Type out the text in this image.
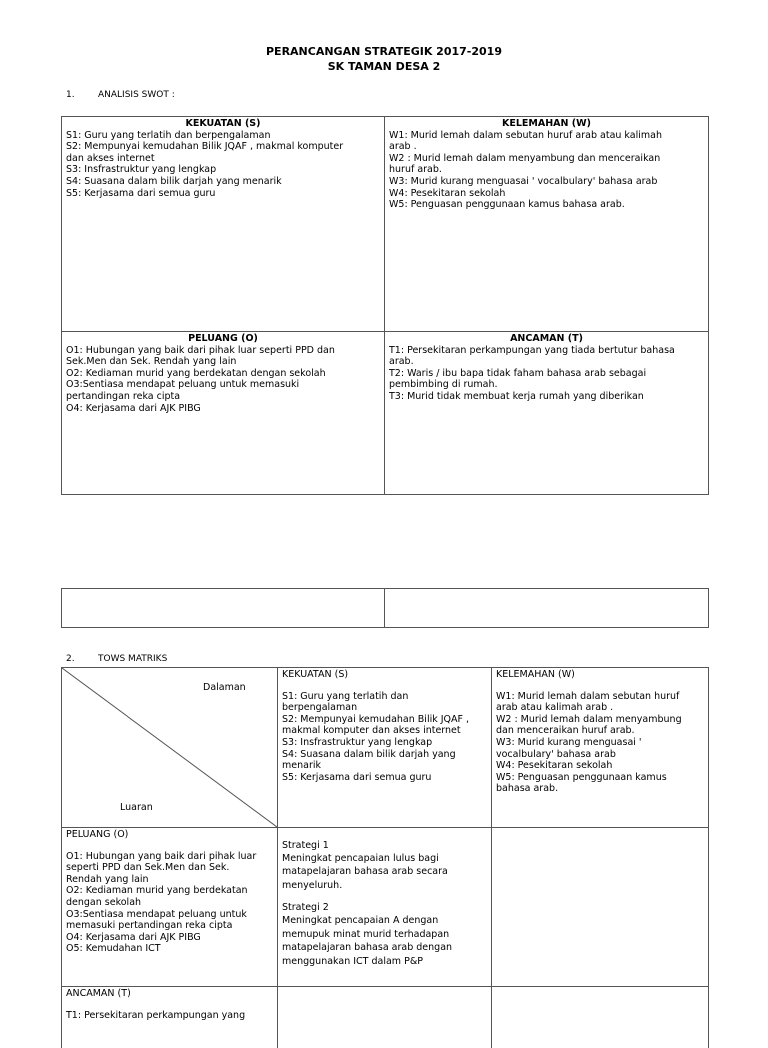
PERANCANGAN STRATEGIK 2017-2019
SK TAMAN DESA 2
1.	ANALISIS SWOT :
KEKUATAN (S)
S1: Guru yang terlatih dan berpengalaman
S2: Mempunyai kemudahan Bilik JQAF , makmal komputer
dan akses internet
S3: Insfrastruktur yang lengkap
S4: Suasana dalam bilik darjah yang menarik
S5: Kerjasama dari semua guru
KELEMAHAN (W)
W1: Murid lemah dalam sebutan huruf arab atau kalimah
arab .
W2 : Murid lemah dalam menyambung dan menceraikan
huruf arab.
W3: Murid kurang menguasai ' vocalbulary' bahasa arab
W4: Pesekitaran sekolah
W5: Penguasan penggunaan kamus bahasa arab.
PELUANG (O)
O1: Hubungan yang baik dari pihak luar seperti PPD dan
Sek.Men dan Sek. Rendah yang lain
O2: Kediaman murid yang berdekatan dengan sekolah
O3:Sentiasa mendapat peluang untuk memasuki
pertandingan reka cipta
O4: Kerjasama dari AJK PIBG
ANCAMAN (T)
T1: Persekitaran perkampungan yang tiada bertutur bahasa
arab.
T2: Waris / ibu bapa tidak faham bahasa arab sebagai
pembimbing di rumah.
T3: Murid tidak membuat kerja rumah yang diberikan
2.	TOWS MATRIKS
Dalaman
Luaran
KEKUATAN (S)
S1: Guru yang terlatih dan
berpengalaman
S2: Mempunyai kemudahan Bilik JQAF ,
makmal komputer dan akses internet
S3: Insfrastruktur yang lengkap
S4: Suasana dalam bilik darjah yang
menarik
S5: Kerjasama dari semua guru
KELEMAHAN (W)
W1: Murid lemah dalam sebutan huruf
arab atau kalimah arab .
W2 : Murid lemah dalam menyambung
dan menceraikan huruf arab.
W3: Murid kurang menguasai '
vocalbulary' bahasa arab
W4: Pesekitaran sekolah
W5: Penguasan penggunaan kamus
bahasa arab.
PELUANG (O)
O1: Hubungan yang baik dari pihak luar
seperti PPD dan Sek.Men dan Sek.
Rendah yang lain
O2: Kediaman murid yang berdekatan
dengan sekolah
O3:Sentiasa mendapat peluang untuk
memasuki pertandingan reka cipta
O4: Kerjasama dari AJK PIBG
O5: Kemudahan ICT
Strategi 1
Meningkat pencapaian lulus bagi
matapelajaran bahasa arab secara
menyeluruh.
Strategi 2
Meningkat pencapaian A dengan
memupuk minat murid terhadapan
matapelajaran bahasa arab dengan
menggunakan ICT dalam P&P
ANCAMAN (T)
T1: Persekitaran perkampungan yang
